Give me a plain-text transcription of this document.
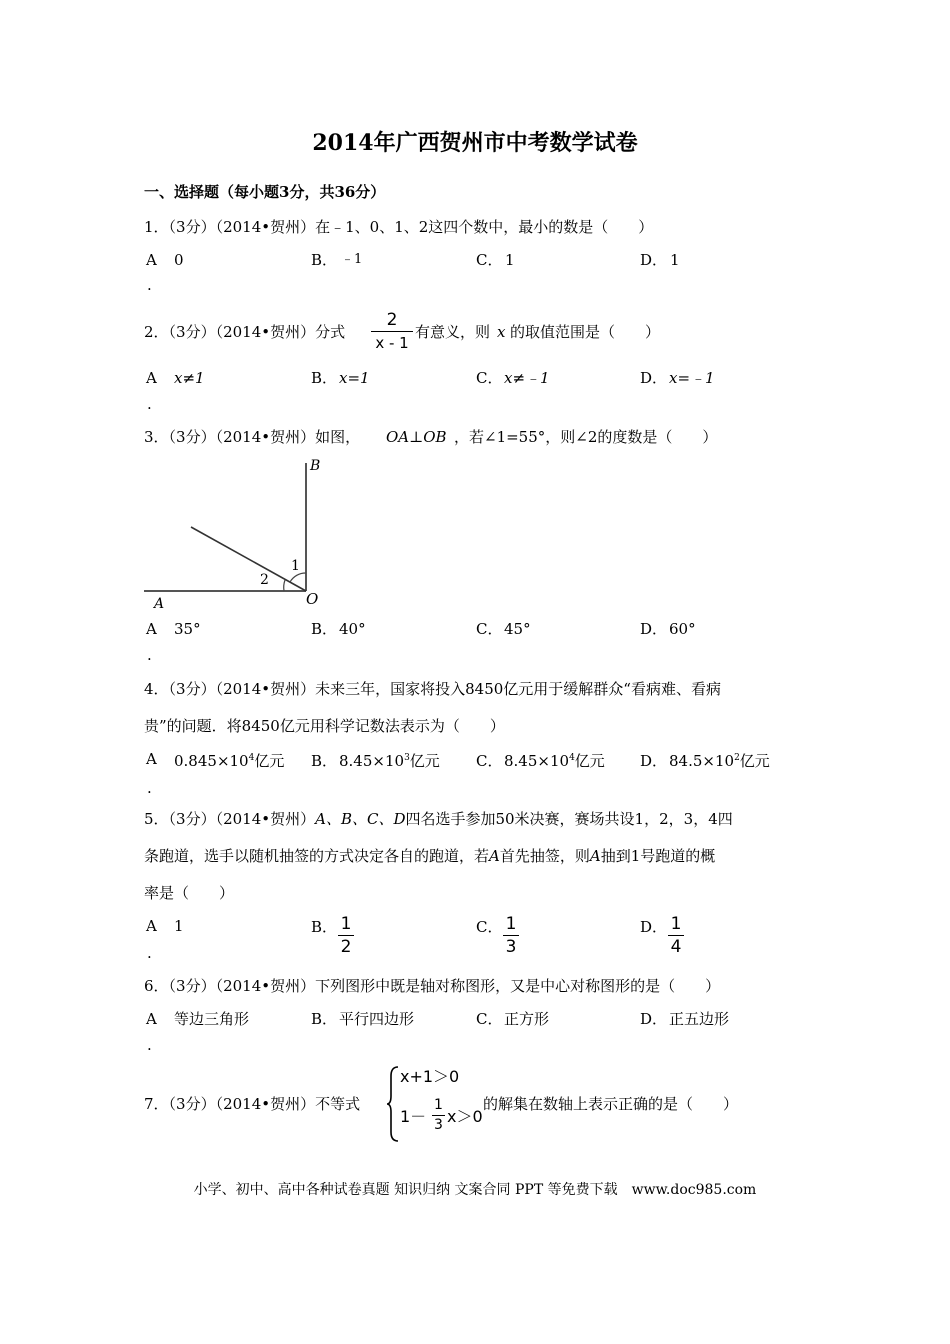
2014年广西贺州市中考数学试卷
一、选择题（每小题3分，共36分）
1．（3分）（2014•贺州）在﹣1、0、1、2这四个数中，最小的数是（　　）
A 0	B． ﹣1	C． 1	D． 1
.
2．（3分）（2014•贺州）分式
2
x - 1
有意义，则 x 的取值范围是（　　）
A x≠1	B． x=1	C． x≠﹣1	D． x=﹣1
.
3．（3分）（2014•贺州）如图， OA⊥OB ，若∠1=55°，则∠2的度数是（　　）
B
A	O
1
2
A 35°	B． 40°	C． 45°	D． 60°
.
4．（3分）（2014•贺州）未来三年，国家将投入8450亿元用于缓解群众“看病难、看病
贵”的问题．将8450亿元用科学记数法表示为（　　）
A $0.845\times 10^4$亿元 B． $8.45\times 10^3$亿元 C． $8.45\times 10^4$亿元 D． $84.5\times 10^2$亿元
.
5．（3分）（2014•贺州）A、B、C、D四名选手参加50米决赛，赛场共设1，2，3，4四
条跑道，选手以随机抽签的方式决定各自的跑道，若A首先抽签，则A抽到1号跑道的概
率是（　　）
A 1	B． 1
2
C． 1
3
D． 1
4
.
6．（3分）（2014•贺州）下列图形中既是轴对称图形，又是中心对称图形的是（　　）
A 等边三角形	B． 平行四边形	C． 正方形	D． 正五边形
.
7．（3分）（2014•贺州）不等式
x+1＞0
1－
1
3 x＞0
的解集在数轴上表示正确的是（　　）
小学、初中、高中各种试卷真题 知识归纳 文案合同 PPT 等免费下载　www.doc985.com
